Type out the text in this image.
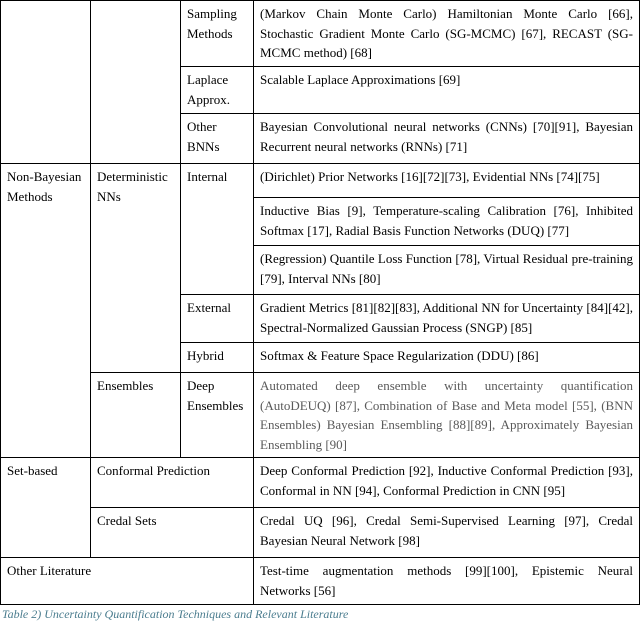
		Sampling Methods	(Markov Chain Monte Carlo) Hamiltonian Monte Carlo [66], Stochastic Gradient Monte Carlo (SG-MCMC) [67], RECAST (SG-MCMC method) [68]
		Laplace Approx.	Scalable Laplace Approximations [69]
		Other BNNs	Bayesian Convolutional neural networks (CNNs) [70][91], Bayesian Recurrent neural networks (RNNs) [71]
Non-Bayesian Methods	Deterministic NNs	Internal	(Dirichlet) Prior Networks [16][72][73], Evidential NNs [74][75]
			Inductive Bias [9], Temperature-scaling Calibration [76], Inhibited Softmax [17], Radial Basis Function Networks (DUQ) [77]
			(Regression) Quantile Loss Function [78], Virtual Residual pre-training [79], Interval NNs [80]
		External	Gradient Metrics [81][82][83], Additional NN for Uncertainty [84][42], Spectral-Normalized Gaussian Process (SNGP) [85]
		Hybrid	Softmax & Feature Space Regularization (DDU) [86]
	Ensembles	Deep Ensembles	Automated deep ensemble with uncertainty quantification (AutoDEUQ) [87], Combination of Base and Meta model [55], (BNN Ensembles) Bayesian Ensembling [88][89], Approximately Bayesian Ensembling [90]
Set-based	Conformal Prediction		Deep Conformal Prediction [92], Inductive Conformal Prediction [93], Conformal in NN [94], Conformal Prediction in CNN [95]
	Credal Sets		Credal UQ [96], Credal Semi-Supervised Learning [97], Credal Bayesian Neural Network [98]
Other Literature			Test-time augmentation methods [99][100], Epistemic Neural Networks [56]
Table 2) Uncertainty Quantification Techniques and Relevant Literature
